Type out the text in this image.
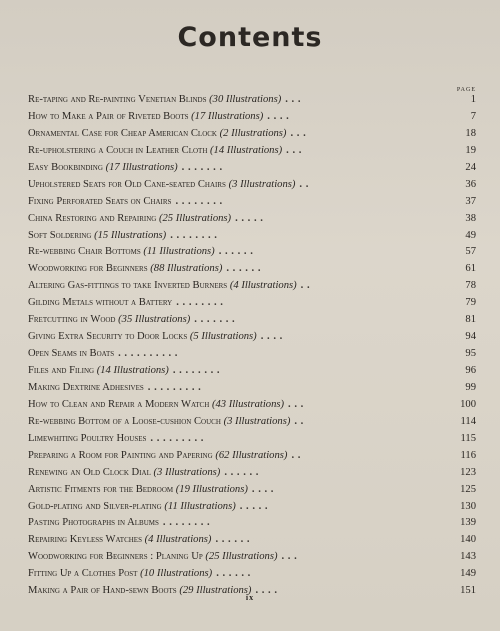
Contents
PAGE
Re-taping and Re-painting Venetian Blinds
(30 Illustrations) . . .	1
How to Make a Pair of Riveted Boots
(17 Illustrations) . . . .	7
Ornamental Case for Cheap American Clock
(2 Illustrations) . . .	18
Re-upholstering a Couch in Leather Cloth
(14 Illustrations) . . .	19
Easy Bookbinding
(17 Illustrations) . . . . . . .	24
Upholstered Seats for Old Cane-seated Chairs
(3 Illustrations) . .	36
Fixing Perforated Seats on Chairs . . . . . . . .	37
China Restoring and Repairing
(25 Illustrations) . . . . .	38
Soft Soldering
(15 Illustrations) . . . . . . . .	49
Re-webbing Chair Bottoms
(11 Illustrations) . . . . . .	57
Woodworking for Beginners
(88 Illustrations) . . . . . .	61
Altering Gas-fittings to take Inverted Burners
(4 Illustrations) . .	78
Gilding Metals without a Battery . . . . . . . .	79
Fretcutting in Wood
(35 Illustrations) . . . . . . .	81
Giving Extra Security to Door Locks
(5 Illustrations) . . . .	94
Open Seams in Boats . . . . . . . . . .	95
Files and Filing
(14 Illustrations) . . . . . . . .	96
Making Dextrine Adhesives . . . . . . . . .	99
How to Clean and Repair a Modern Watch
(43 Illustrations) . . .	100
Re-webbing Bottom of a Loose-cushion Couch
(3 Illustrations) . .	114
Limewhiting Poultry Houses . . . . . . . . .	115
Preparing a Room for Painting and Papering
(62 Illustrations) . .	116
Renewing an Old Clock Dial
(3 Illustrations) . . . . . .	123
Artistic Fitments for the Bedroom
(19 Illustrations) . . . .	125
Gold-plating and Silver-plating
(11 Illustrations) . . . . .	130
Pasting Photographs in Albums . . . . . . . .	139
Repairing Keyless Watches
(4 Illustrations) . . . . . .	140
Woodworking for Beginners : Planing Up
(25 Illustrations) . . .	143
Fitting Up a Clothes Post
(10 Illustrations) . . . . . .	149
Making a Pair of Hand-sewn Boots
(29 Illustrations) . . . .	151
ix
